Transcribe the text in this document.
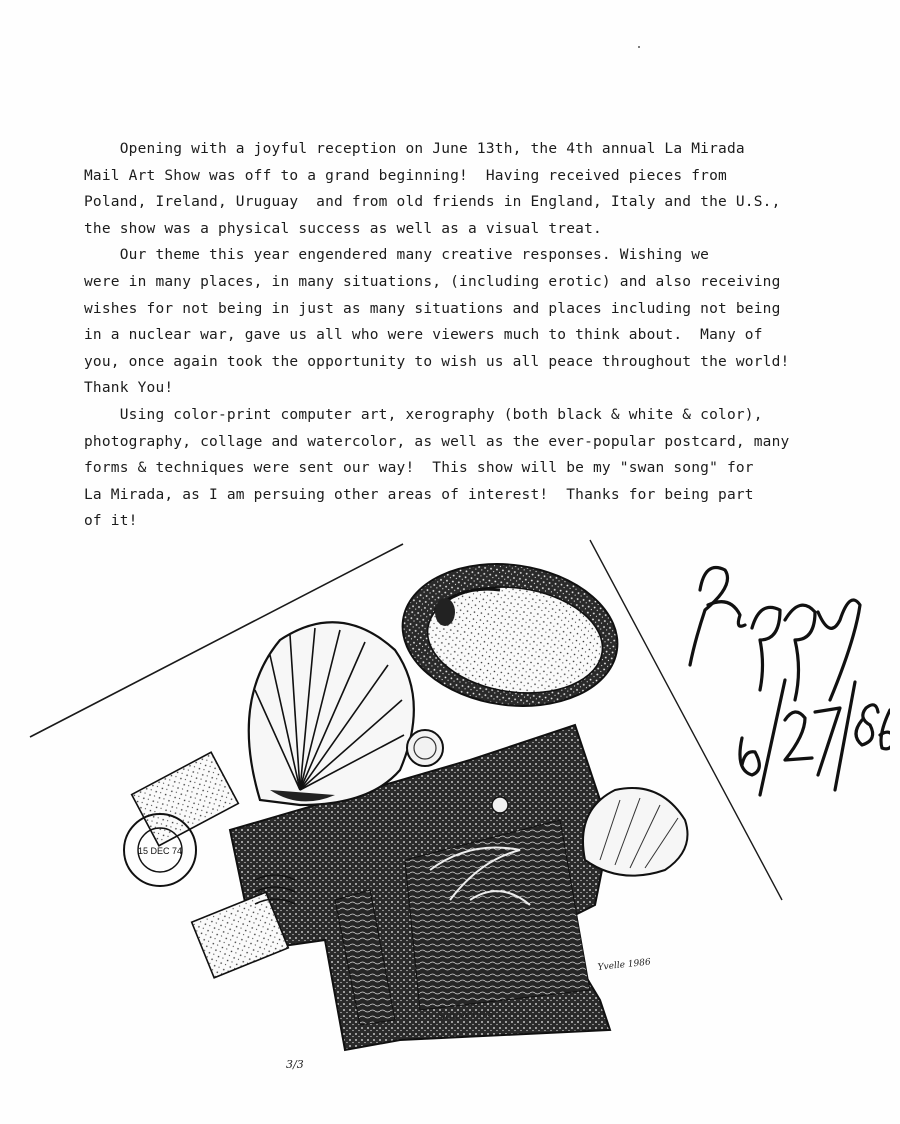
Opening with a joyful reception on June 13th, the 4th annual La Mirada
Mail Art Show was off to a grand beginning!  Having received pieces from
Poland, Ireland, Uruguay  and from old friends in England, Italy and the U.S.,
the show was a physical success as well as a visual treat.
Our theme this year engendered many creative responses. Wishing we
were in many places, in many situations, (including erotic) and also receiving
wishes for not being in just as many situations and places including not being
in a nuclear war, gave us all who were viewers much to think about.  Many of
you, once again took the opportunity to wish us all peace throughout the world!
Thank You!
Using color-print computer art, xerography (both black & white & color),
photography, collage and watercolor, as well as the ever-popular postcard, many
forms & techniques were sent our way!  This show will be my "swan song" for
La Mirada, as I am persuing other areas of interest!  Thanks for being part
of it!
15 DEC 74
Souvenirs
3/3
Yvelle 1986
